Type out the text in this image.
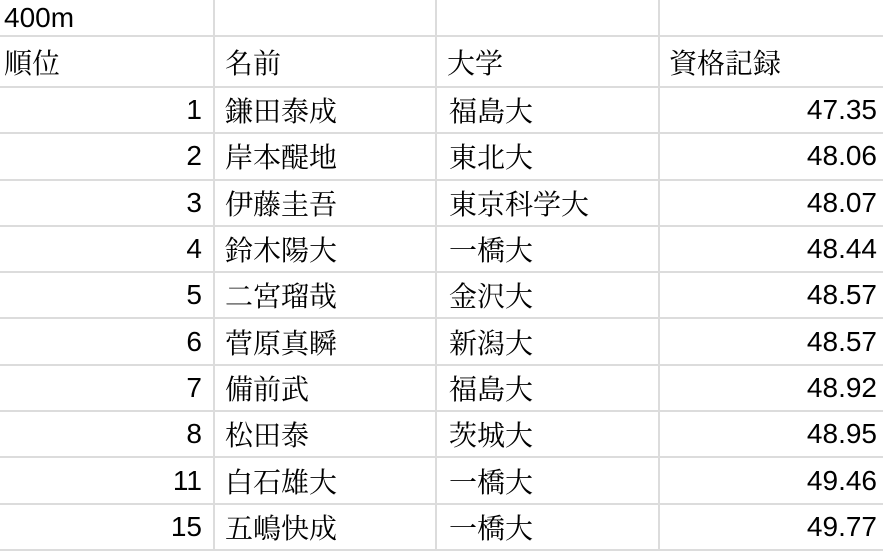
400m
順位	名前	大学	資格記録
1 鎌田泰成	福島大	47.35
2 岸本醍地	東北大	48.06
3 伊藤圭吾	東京科学大	48.07
4 鈴木陽大	一橋大	48.44
5 二宮瑠哉	金沢大	48.57
6 菅原真瞬	新潟大	48.57
7 備前武	福島大	48.92
8 松田泰	茨城大	48.95
11 白石雄大	一橋大	49.46
15 五嶋快成	一橋大	49.77
